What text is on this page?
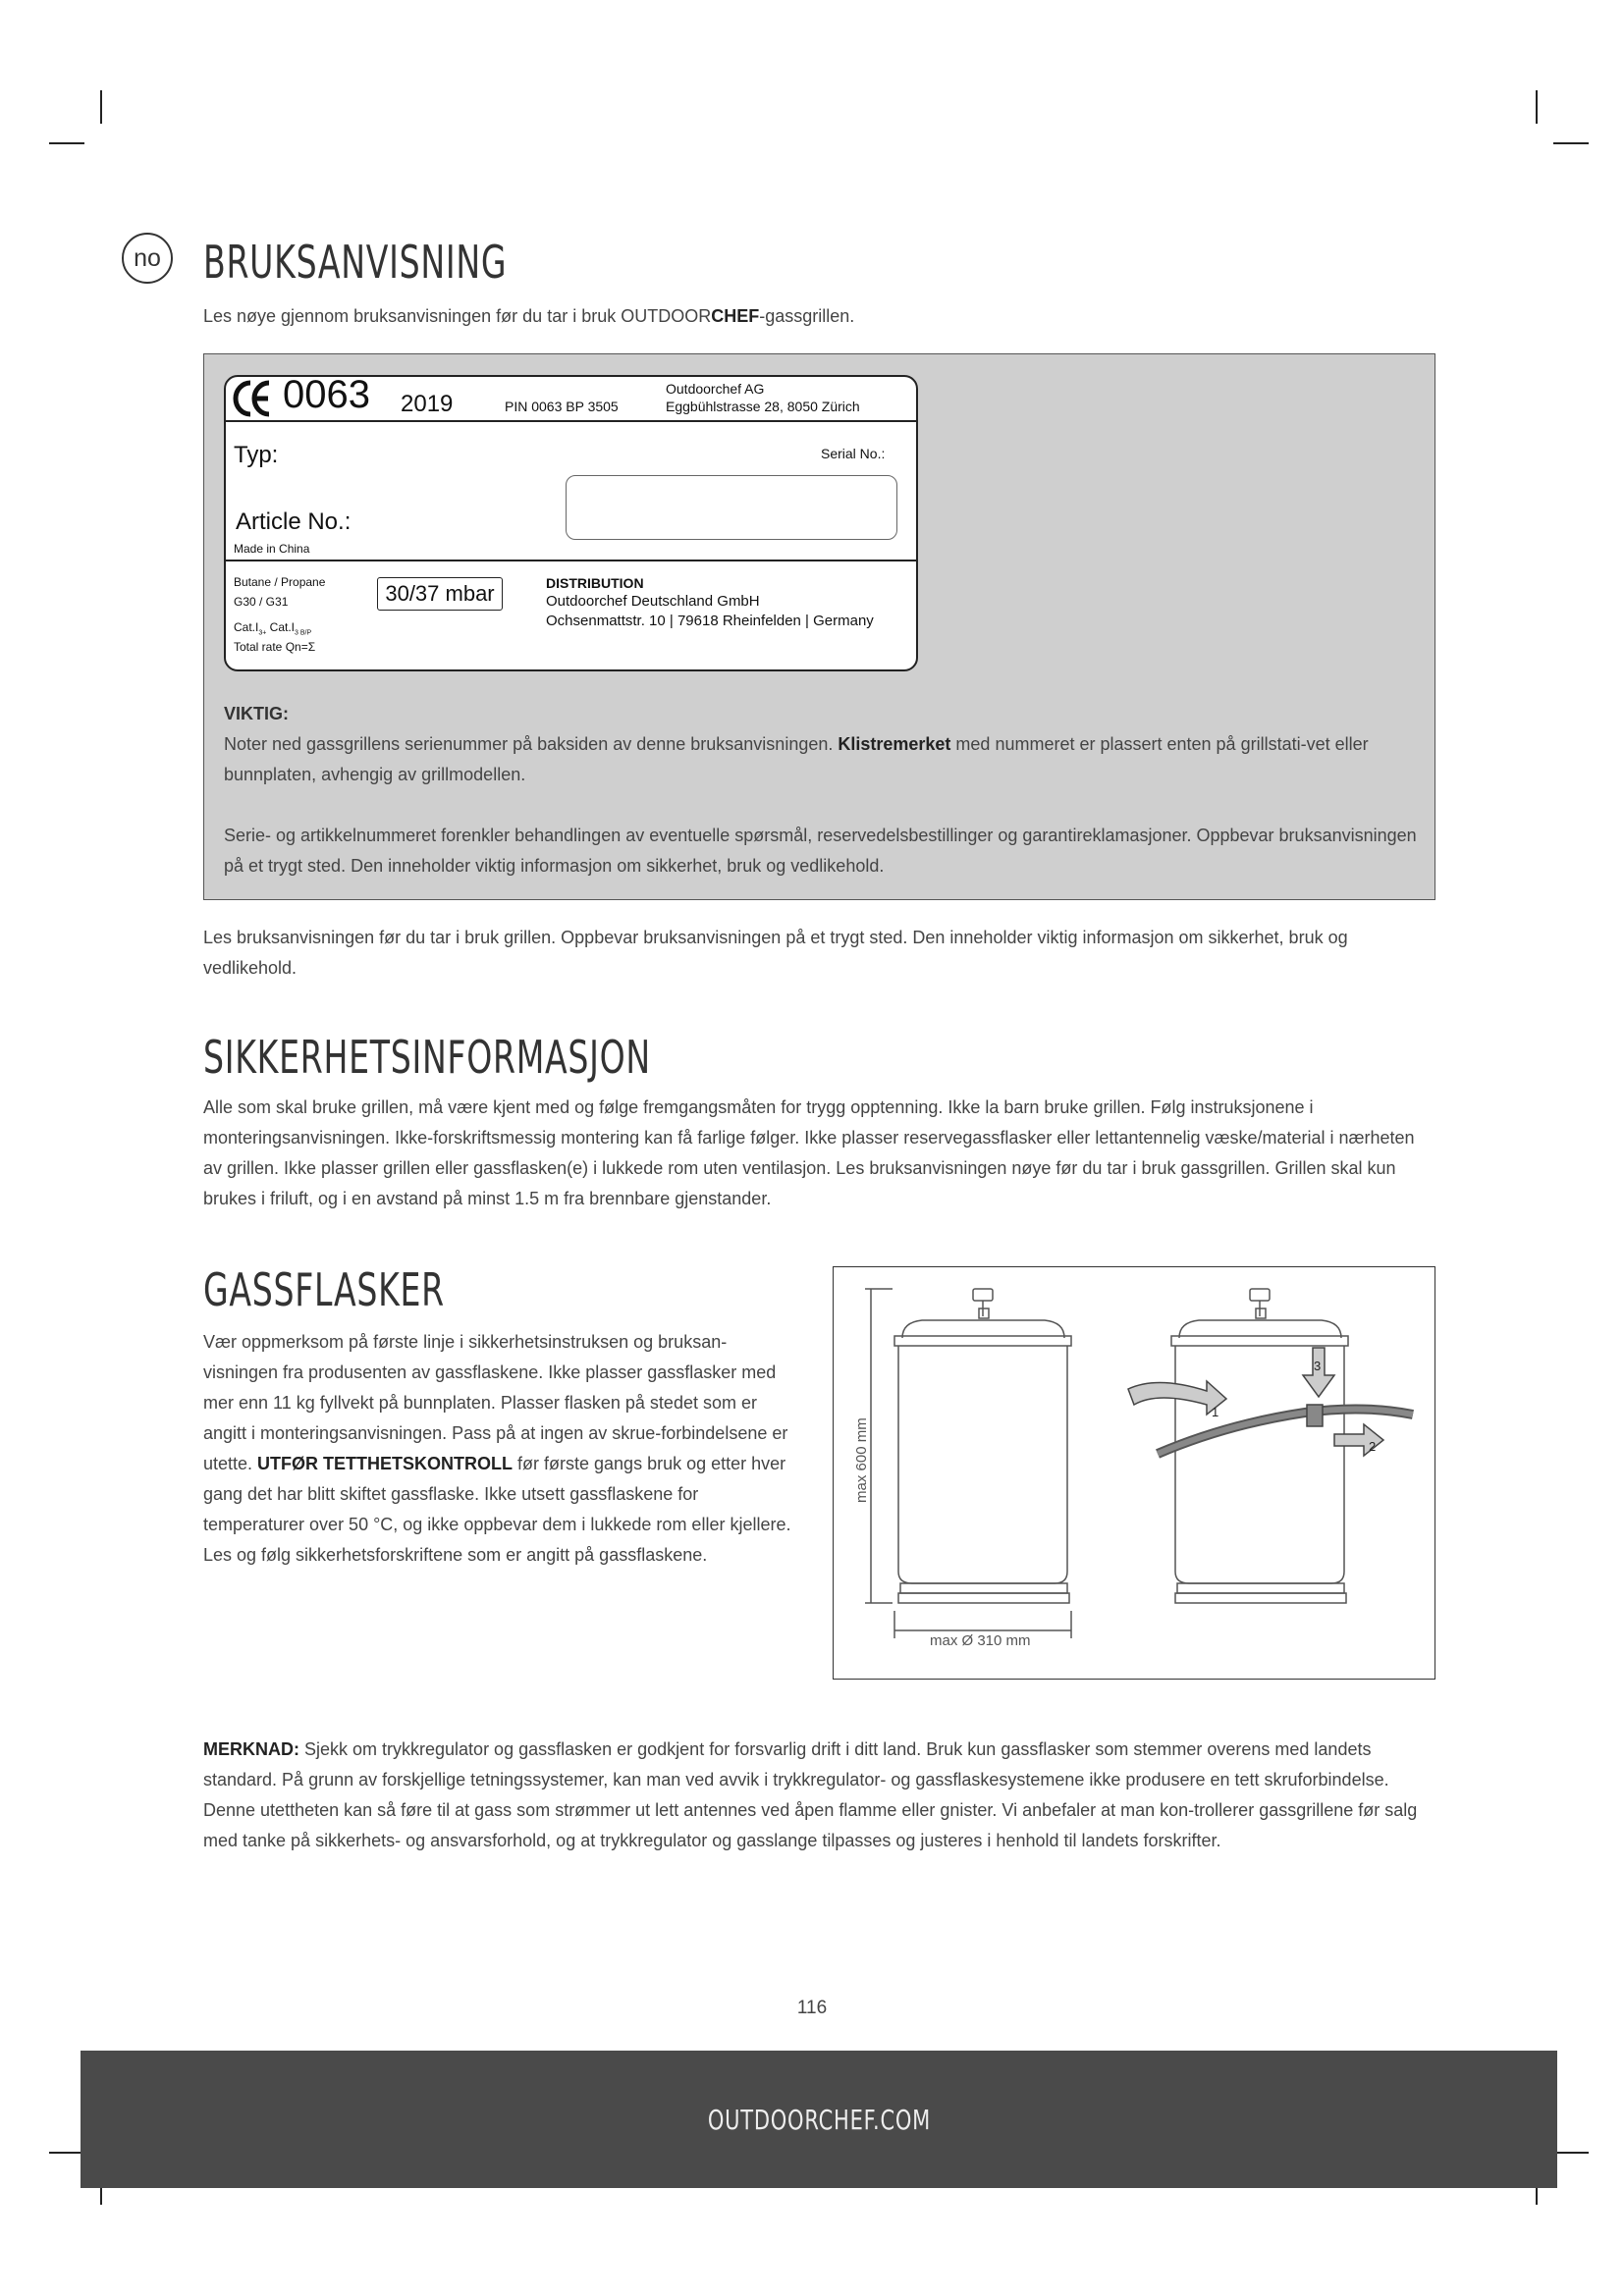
no BRUKSANVISNING

Les nøye gjennom bruksanvisningen før du tar i bruk OUTDOORCHEF-gassgrillen.

0063 2019	PIN 0063 BP 3505
Outdoorchef AG
Eggbühlstrasse 28, 8050 Zürich
Typ:	Serial No.:
Article No.:
Made in China
Butane / Propane
G30 / G31
$Cat.I_{3+}$ $Cat.I_{3 B/P}$
Total rate Qn=Σ
30/37 mbar	DISTRIBUTION
Outdoorchef Deutschland GmbH
Ochsenmattstr. 10 | 79618 Rheinfelden | Germany
VIKTIG:
Noter ned gassgrillens serienummer på baksiden av denne bruksanvisningen. Klistremerket med nummeret er plassert enten på grillstati-vet eller bunnplaten, avhengig av grillmodellen.
Serie- og artikkelnummeret forenkler behandlingen av eventuelle spørsmål, reservedelsbestillinger og garantireklamasjoner. Oppbevar bruksanvisningen på et trygt sted. Den inneholder viktig informasjon om sikkerhet, bruk og vedlikehold.

Les bruksanvisningen før du tar i bruk grillen. Oppbevar bruksanvisningen på et trygt sted. Den inneholder viktig informasjon om sikkerhet, bruk og vedlikehold.

SIKKERHETSINFORMASJON

Alle som skal bruke grillen, må være kjent med og følge fremgangsmåten for trygg opptenning. Ikke la barn bruke grillen. Følg instruksjonene i monteringsanvisningen. Ikke-forskriftsmessig montering kan få farlige følger. Ikke plasser reservegassflasker eller lettantennelig væske/material i nærheten av grillen. Ikke plasser grillen eller gassflasken(e) i lukkede rom uten ventilasjon. Les bruksanvisningen nøye før du tar i bruk gassgrillen. Grillen skal kun brukes i friluft, og i en avstand på minst 1.5 m fra brennbare gjenstander.

GASSFLASKER

Vær oppmerksom på første linje i sikkerhetsinstruksen og bruksan-visningen fra produsenten av gassflaskene. Ikke plasser gassflasker med mer enn 11 kg fyllvekt på bunnplaten. Plasser flasken på stedet som er angitt i monteringsanvisningen. Pass på at ingen av skrue-forbindelsene er utette. UTFØR TETTHETSKONTROLL før første gangs bruk og etter hver gang det har blitt skiftet gassflaske. Ikke utsett gassflaskene for temperaturer over 50 °C, og ikke oppbevar dem i lukkede rom eller kjellere. Les og følg sikkerhetsforskriftene som er angitt på gassflaskene.

1
2
3
max 600 mm
max Ø 310 mm

MERKNAD: Sjekk om trykkregulator og gassflasken er godkjent for forsvarlig drift i ditt land. Bruk kun gassflasker som stemmer overens med landets standard. På grunn av forskjellige tetningssystemer, kan man ved avvik i trykkregulator- og gassflaskesystemene ikke produsere en tett skruforbindelse. Denne utettheten kan så føre til at gass som strømmer ut lett antennes ved åpen flamme eller gnister. Vi anbefaler at man kon-trollerer gassgrillene før salg med tanke på sikkerhets- og ansvarsforhold, og at trykkregulator og gasslange tilpasses og justeres i henhold til landets forskrifter.

116
OUTDOORCHEF.COM
